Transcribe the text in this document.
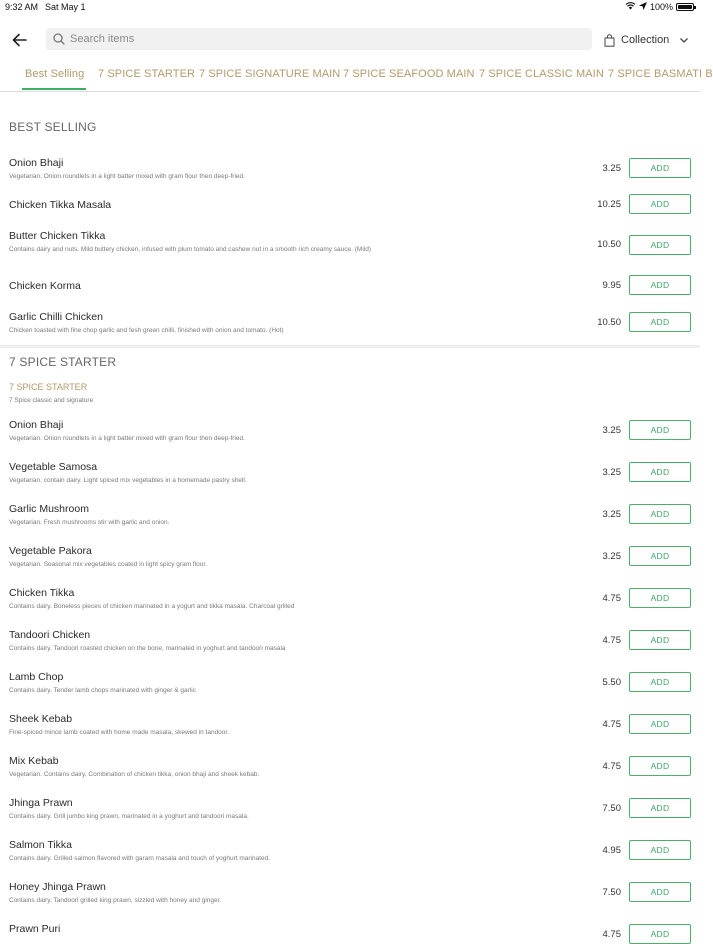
9:32 AM Sat May 1	100%
Search items
Collection
Best Selling 7 SPICE STARTER 7 SPICE SIGNATURE MAIN 7 SPICE SEAFOOD MAIN 7 SPICE CLASSIC MAIN 7 SPICE BASMATI B
BEST SELLING
Onion Bhaji
Vegetarian. Onion roundlets in a light batter mixed with gram flour then deep-fried.
3.25	ADD
Chicken Tikka Masala	10.25	ADD
Butter Chicken Tikka
Contains dairy and nuts. Mild buttery chicken, infused with plum tomato and cashew nut in a smooth rich creamy sauce. (Mild)	10.50	ADD
Chicken Korma	9.95	ADD
Garlic Chilli Chicken
Chicken toasted with fine chop garlic and fesh green chilli, finished with onion and tomato. (Hot)
10.50	ADD
7 SPICE STARTER
7 SPICE STARTER
7 Spice classic and signature
Onion Bhaji
Vegetarian. Onion roundlets in a light batter mixed with gram flour then deep-fried.
3.25	ADD
Vegetable Samosa
Vegetarian, contain dairy. Light spiced mix vegetables in a homemade pastry shell.
3.25	ADD
Garlic Mushroom
Vegetarian. Fresh mushrooms stir with garlic and onion.
3.25	ADD
Vegetable Pakora
Vegetarian. Seasonal mix vegetables coated in light spicy gram flour.
3.25	ADD
Chicken Tikka
Contains dairy. Boneless pieces of chicken marinated in a yogurt and tikka masala. Charcoal grilled
4.75	ADD
Tandoori Chicken
Contains dairy. Tandoori roasted chicken on the bone, marinated in yoghurt and tandoori masala
4.75	ADD
Lamb Chop
Contains dairy. Tender lamb chops marinated with ginger & garlic
5.50	ADD
Sheek Kebab
Fine-spiced mince lamb coated with home made masala, skewed in tandoor.
4.75	ADD
Mix Kebab
Vegetarian. Contains dairy. Combination of chicken tikka, onion bhaji and sheek kebab.
4.75	ADD
Jhinga Prawn
Contains dairy. Grill jumbo king prawn, marinated in a yoghurt and tandoori masala.
7.50	ADD
Salmon Tikka
Contains dairy. Grilled salmon flavored with garam masala and touch of yoghurt marinated.
4.95	ADD
Honey Jhinga Prawn
Contains dairy. Tandoori grilled king prawn, sizzled with honey and ginger.
7.50	ADD
Prawn Puri	4.75	ADD
